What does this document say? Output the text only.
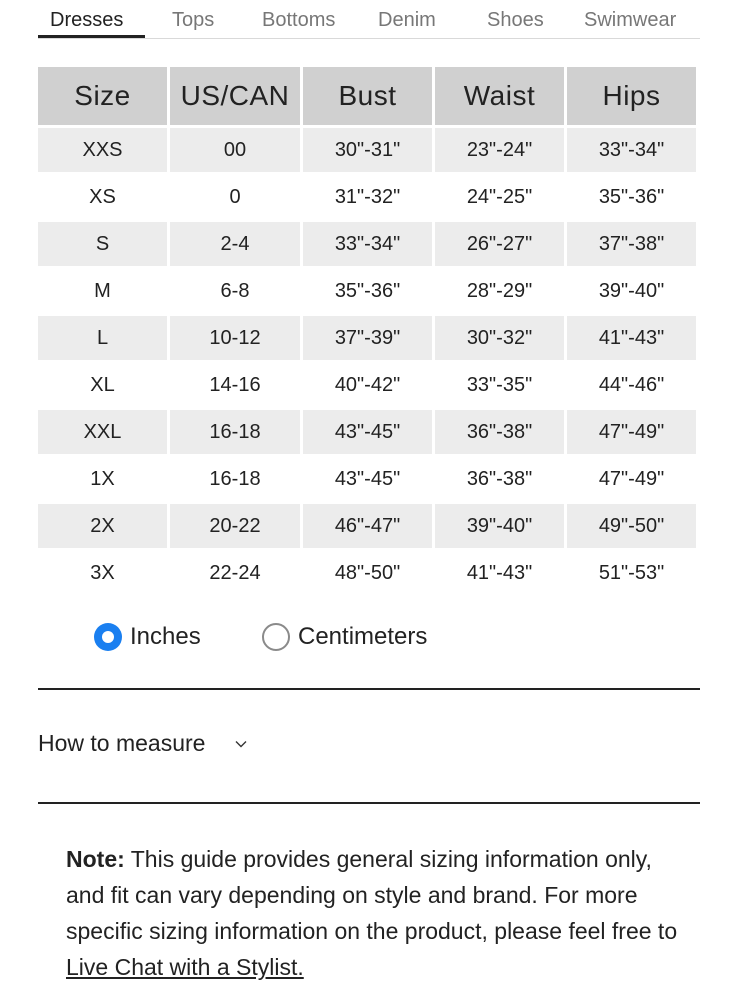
Dresses Tops Bottoms Denim	Shoes Swimwear
Size	US/CAN	Bust	Waist	Hips
XXS	00	30"-31"	23"-24"	33"-34"
XS	0	31"-32"	24"-25"	35"-36"
S	2-4	33"-34"	26"-27"	37"-38"
M	6-8	35"-36"	28"-29"	39"-40"
L	10-12	37"-39"	30"-32"	41"-43"
XL	14-16	40"-42"	33"-35"	44"-46"
XXL	16-18	43"-45"	36"-38"	47"-49"
1X	16-18	43"-45"	36"-38"	47"-49"
2X	20-22	46"-47"	39"-40"	49"-50"
3X	22-24	48"-50"	41"-43"	51"-53"
Inches	Centimeters
How to measure
Note: This guide provides general sizing information only, and fit can vary depending on style and brand. For more specific sizing information on the product, please feel free to Live Chat with a Stylist.
